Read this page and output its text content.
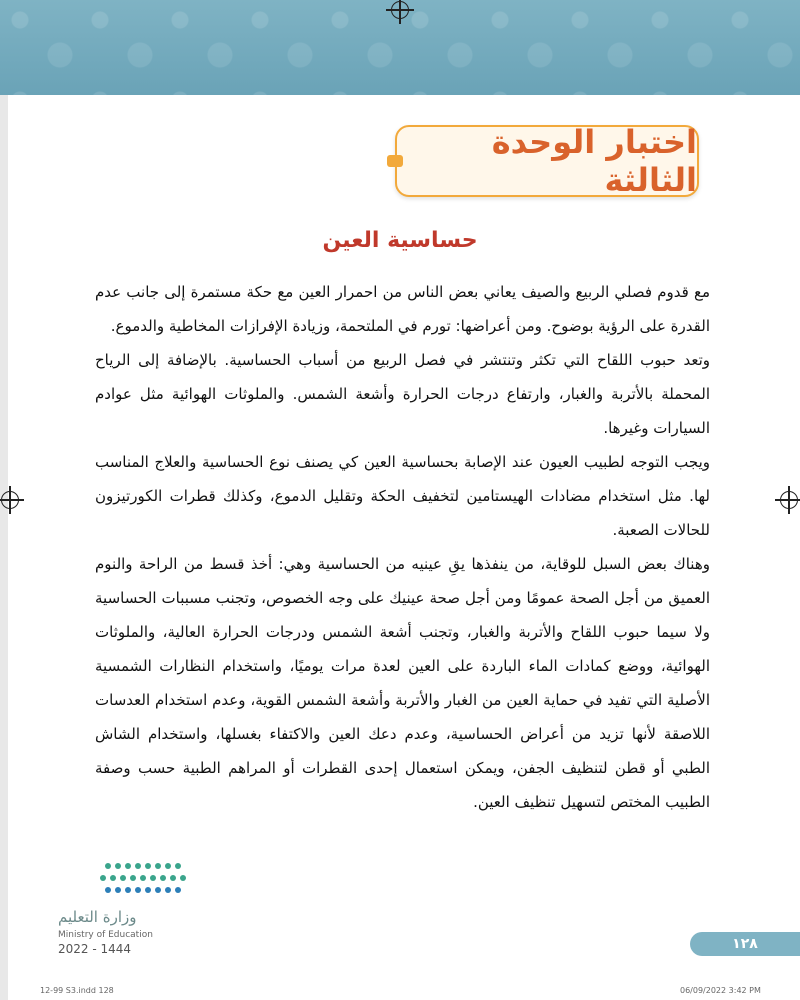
اختبار الوحدة الثالثة
حساسية العين

مع قدوم فصلي الربيع والصيف يعاني بعض الناس من احمرار العين مع حكة مستمرة إلى جانب عدم القدرة على الرؤية بوضوح. ومن أعراضها: تورم في الملتحمة، وزيادة الإفرازات المخاطية والدموع.

وتعد حبوب اللقاح التي تكثر وتنتشر في فصل الربيع من أسباب الحساسية. بالإضافة إلى الرياح المحملة بالأتربة والغبار، وارتفاع درجات الحرارة وأشعة الشمس. والملوثات الهوائية مثل عوادم السيارات وغيرها.

ويجب التوجه لطبيب العيون عند الإصابة بحساسية العين كي يصنف نوع الحساسية والعلاج المناسب لها. مثل استخدام مضادات الهيستامين لتخفيف الحكة وتقليل الدموع، وكذلك قطرات الكورتيزون للحالات الصعبة.

وهناك بعض السبل للوقاية، من ينفذها يقِ عينيه من الحساسية وهي: أخذ قسط من الراحة والنوم العميق من أجل الصحة عمومًا ومن أجل صحة عينيك على وجه الخصوص، وتجنب مسببات الحساسية ولا سيما حبوب اللقاح والأتربة والغبار، وتجنب أشعة الشمس ودرجات الحرارة العالية، والملوثات الهوائية، ووضع كمادات الماء الباردة على العين لعدة مرات يوميًا، واستخدام النظارات الشمسية الأصلية التي تفيد في حماية العين من الغبار والأتربة وأشعة الشمس القوية، وعدم استخدام العدسات اللاصقة لأنها تزيد من أعراض الحساسية، وعدم دعك العين والاكتفاء بغسلها، واستخدام الشاش الطبي أو قطن لتنظيف الجفن، ويمكن استعمال إحدى القطرات أو المراهم الطبية حسب وصفة الطبيب المختص لتسهيل تنظيف العين.

وزارة التعليم
Ministry of Education
2022 - 1444	١٢٨
12-99 S3.indd 128	06/09/2022 3:42 PM
